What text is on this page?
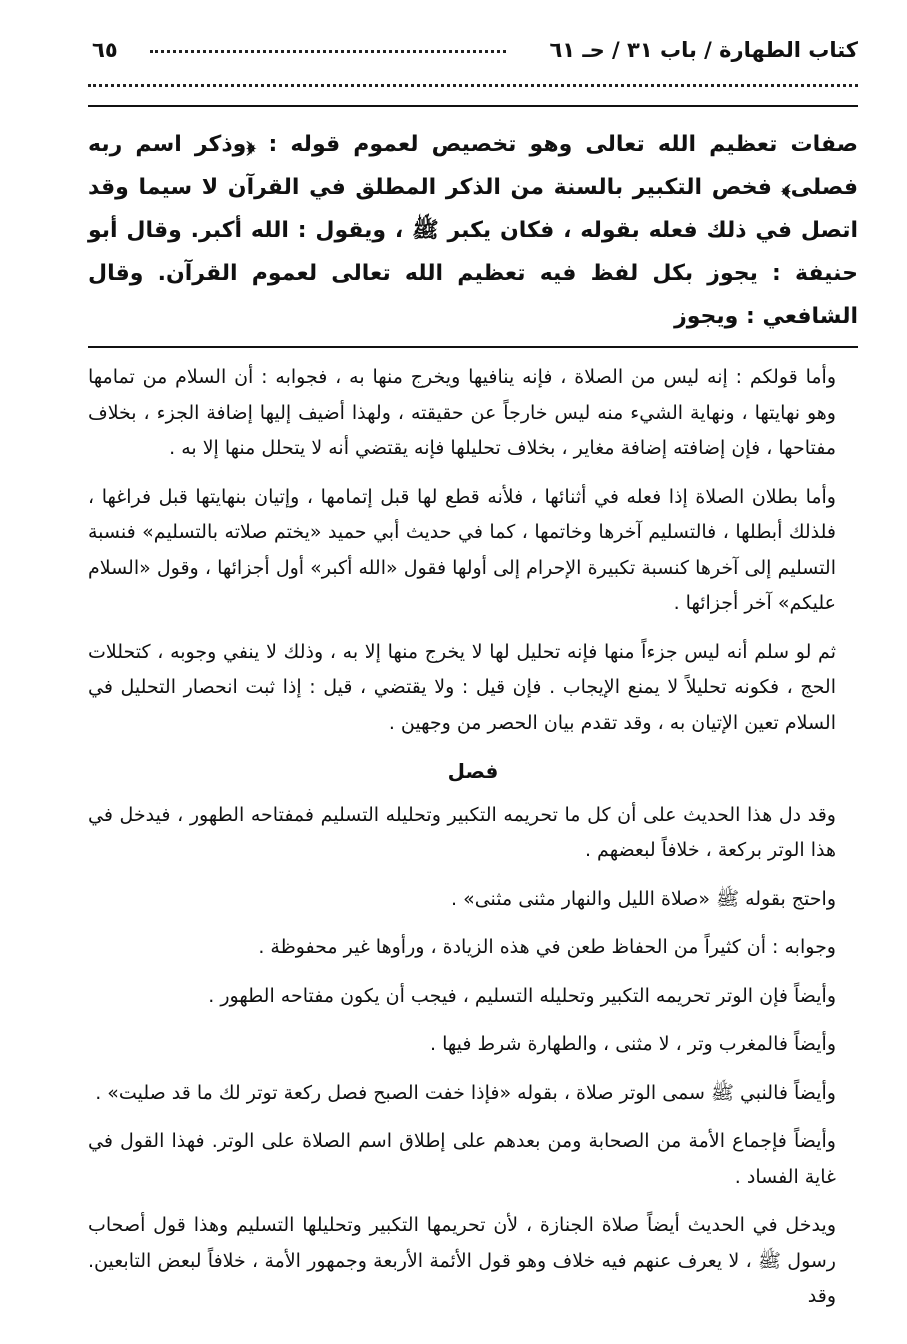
كتاب الطهارة / باب ٣١ / حـ ٦١
٦٥

صفات تعظيم الله تعالى وهو تخصيص لعموم قوله : ﴿وذكر اسم ربه فصلى﴾ فخص التكبير بالسنة من الذكر المطلق في القرآن لا سيما وقد اتصل في ذلك فعله بقوله ، فكان يكبر ﷺ ، ويقول : الله أكبر. وقال أبو حنيفة : يجوز بكل لفظ فيه تعظيم الله تعالى لعموم القرآن. وقال الشافعي : ويجوز

وأما قولكم : إنه ليس من الصلاة ، فإنه ينافيها ويخرج منها به ، فجوابه : أن السلام من تمامها وهو نهايتها ، ونهاية الشيء منه ليس خارجاً عن حقيقته ، ولهذا أضيف إليها إضافة الجزء ، بخلاف مفتاحها ، فإن إضافته إضافة مغاير ، بخلاف تحليلها فإنه يقتضي أنه لا يتحلل منها إلا به .

وأما بطلان الصلاة إذا فعله في أثنائها ، فلأنه قطع لها قبل إتمامها ، وإتيان بنهايتها قبل فراغها ، فلذلك أبطلها ، فالتسليم آخرها وخاتمها ، كما في حديث أبي حميد «يختم صلاته بالتسليم» فنسبة التسليم إلى آخرها كنسبة تكبيرة الإحرام إلى أولها فقول «الله أكبر» أول أجزائها ، وقول «السلام عليكم» آخر أجزائها .

ثم لو سلم أنه ليس جزءاً منها فإنه تحليل لها لا يخرج منها إلا به ، وذلك لا ينفي وجوبه ، كتحللات الحج ، فكونه تحليلاً لا يمنع الإيجاب . فإن قيل : ولا يقتضي ، قيل : إذا ثبت انحصار التحليل في السلام تعين الإتيان به ، وقد تقدم بيان الحصر من وجهين .

فصل

وقد دل هذا الحديث على أن كل ما تحريمه التكبير وتحليله التسليم فمفتاحه الطهور ، فيدخل في هذا الوتر بركعة ، خلافاً لبعضهم .

واحتج بقوله ﷺ «صلاة الليل والنهار مثنى مثنى» .

وجوابه : أن كثيراً من الحفاظ طعن في هذه الزيادة ، ورأوها غير محفوظة .

وأيضاً فإن الوتر تحريمه التكبير وتحليله التسليم ، فيجب أن يكون مفتاحه الطهور .

وأيضاً فالمغرب وتر ، لا مثنى ، والطهارة شرط فيها .

وأيضاً فالنبي ﷺ سمى الوتر صلاة ، بقوله «فإذا خفت الصبح فصل ركعة توتر لك ما قد صليت» .

وأيضاً فإجماع الأمة من الصحابة ومن بعدهم على إطلاق اسم الصلاة على الوتر. فهذا القول في غاية الفساد .

ويدخل في الحديث أيضاً صلاة الجنازة ، لأن تحريمها التكبير وتحليلها التسليم وهذا قول أصحاب رسول ﷺ ، لا يعرف عنهم فيه خلاف وهو قول الأئمة الأربعة وجمهور الأمة ، خلافاً لبعض التابعين. وقد
